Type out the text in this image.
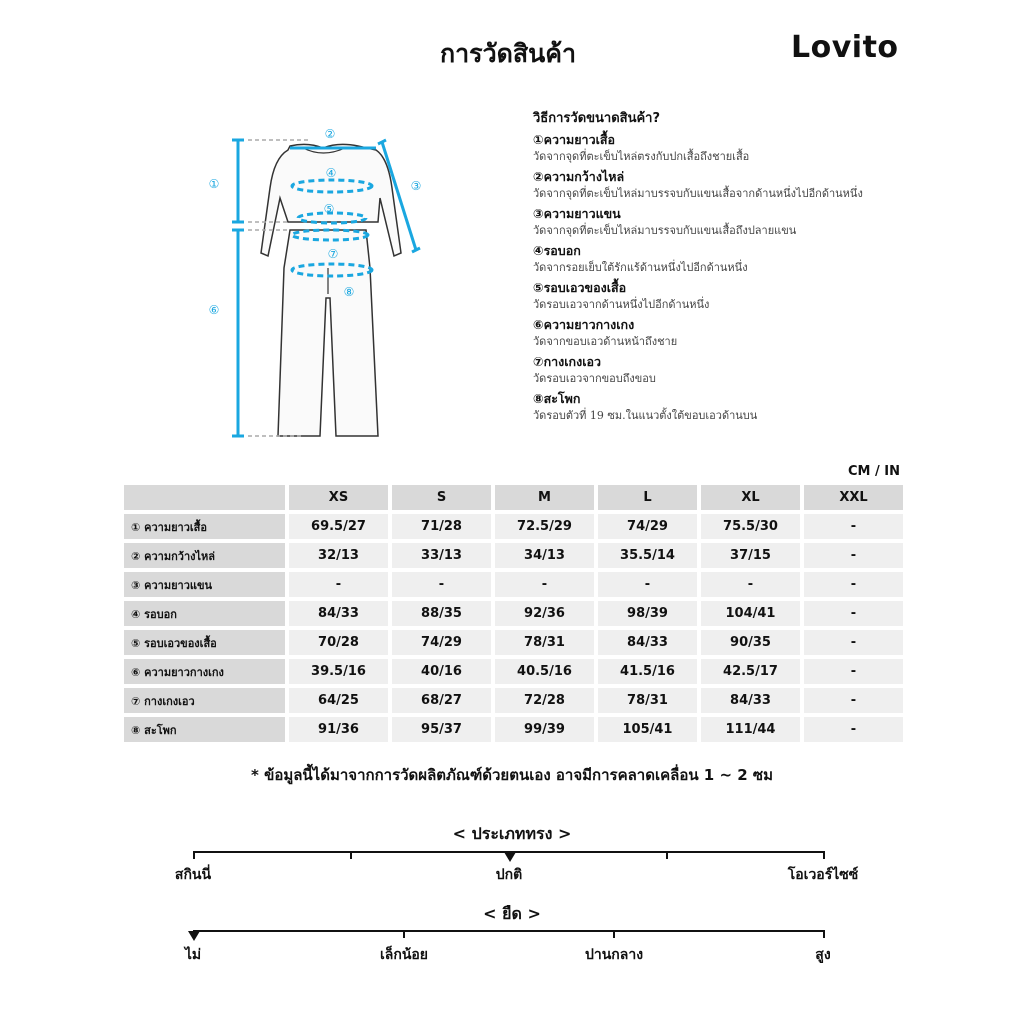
การวัดสินค้า	Lovito
①
②
③
④
⑤
⑥
⑦
⑧
วิธีการวัดขนาดสินค้า?
①ความยาวเสื้อ
วัดจากจุดที่ตะเข็บไหล่ตรงกับปกเสื้อถึงชายเสื้อ
②ความกว้างไหล่
วัดจากจุดที่ตะเข็บไหล่มาบรรจบกับแขนเสื้อจากด้านหนึ่งไปอีกด้านหนึ่ง
③ความยาวแขน
วัดจากจุดที่ตะเข็บไหล่มาบรรจบกับแขนเสื้อถึงปลายแขน
④รอบอก
วัดจากรอยเย็บใต้รักแร้ด้านหนึ่งไปอีกด้านหนึ่ง
⑤รอบเอวของเสื้อ
วัดรอบเอวจากด้านหนึ่งไปอีกด้านหนึ่ง
⑥ความยาวกางเกง
วัดจากขอบเอวด้านหน้าถึงชาย
⑦กางเกงเอว
วัดรอบเอวจากขอบถึงขอบ
⑧สะโพก
วัดรอบตัวที่ 19 ซม.ในแนวตั้งใต้ขอบเอวด้านบน
CM / IN
	XS	S	M	L	XL	XXL
① ความยาวเสื้อ	69.5/27	71/28	72.5/29	74/29	75.5/30	-
② ความกว้างไหล่	32/13	33/13	34/13	35.5/14	37/15	-
③ ความยาวแขน	-	-	-	-	-	-
④ รอบอก	84/33	88/35	92/36	98/39	104/41	-
⑤ รอบเอวของเสื้อ	70/28	74/29	78/31	84/33	90/35	-
⑥ ความยาวกางเกง	39.5/16	40/16	40.5/16	41.5/16	42.5/17	-
⑦ กางเกงเอว	64/25	68/27	72/28	78/31	84/33	-
⑧ สะโพก	91/36	95/37	99/39	105/41	111/44	-
* ข้อมูลนี้ได้มาจากการวัดผลิตภัณฑ์ด้วยตนเอง อาจมีการคลาดเคลื่อน 1 ~ 2 ซม
< ประเภททรง >
สกินนี่	ปกติ	โอเวอร์ไซซ์
< ยืด >
ไม่	เล็กน้อย	ปานกลาง	สูง
